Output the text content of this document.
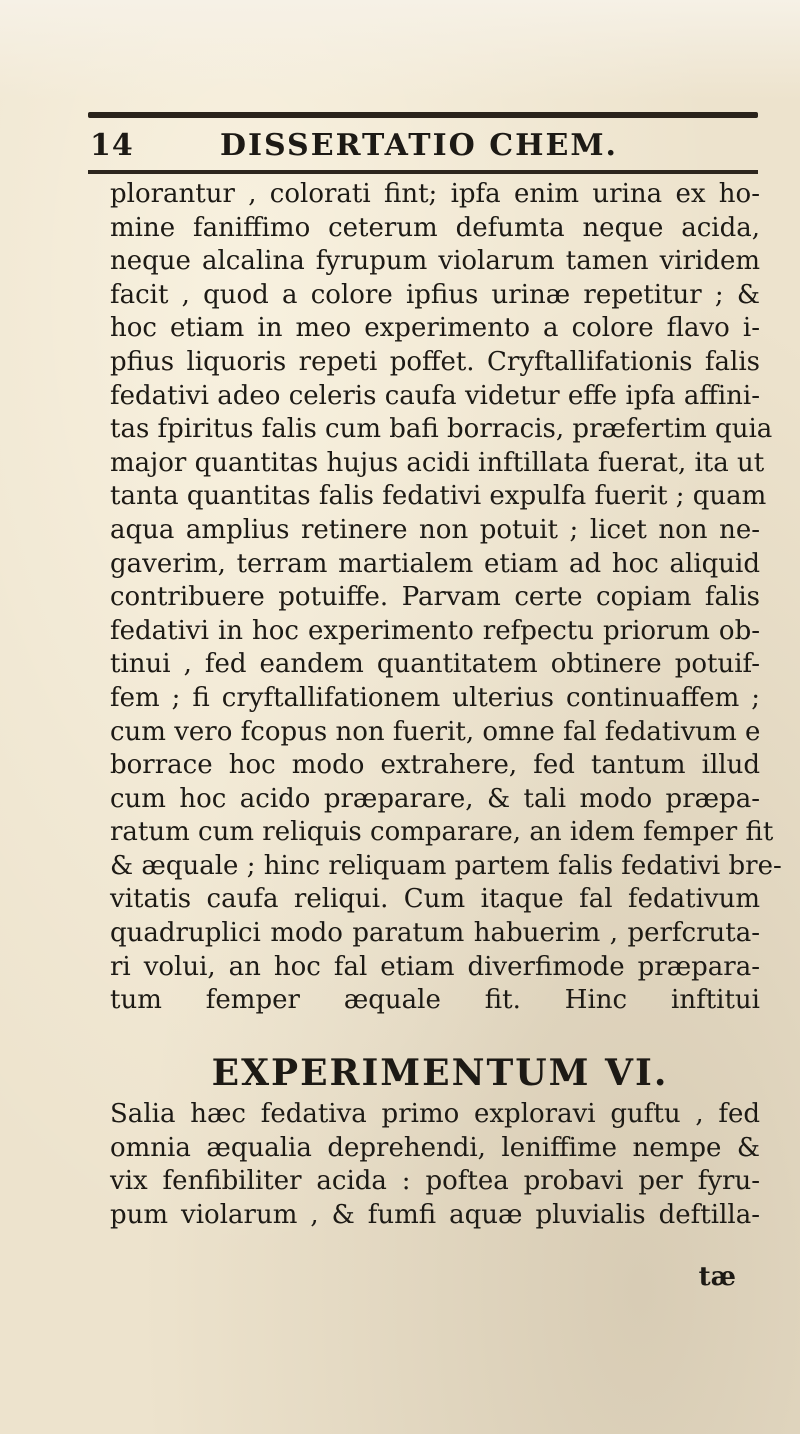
14	DISSERTATIO CHEM.
plorantur , colorati fint; ipfa enim urina ex ho-
mine faniffimo ceterum defumta neque acida,
neque alcalina fyrupum violarum tamen viridem
facit , quod a colore ipfius urinæ repetitur ; &
hoc etiam in meo experimento a colore flavo i-
pfius liquoris repeti poffet. Cryftallifationis falis
fedativi adeo celeris caufa videtur effe ipfa affini-
tas fpiritus falis cum bafi borracis, præfertim quia
major quantitas hujus acidi inftillata fuerat, ita ut
tanta quantitas falis fedativi expulfa fuerit ; quam
aqua amplius retinere non potuit ; licet non ne-
gaverim, terram martialem etiam ad hoc aliquid
contribuere potuiffe. Parvam certe copiam falis
fedativi in hoc experimento refpectu priorum ob-
tinui , fed eandem quantitatem obtinere potuif-
fem ; fi cryftallifationem ulterius continuaffem ;
cum vero fcopus non fuerit, omne fal fedativum e
borrace hoc modo extrahere, fed tantum illud
cum hoc acido præparare, & tali modo præpa-
ratum cum reliquis comparare, an idem femper fit
& æquale ; hinc reliquam partem falis fedativi bre-
vitatis caufa reliqui. Cum itaque fal fedativum
quadruplici modo paratum habuerim , perfcruta-
ri volui, an hoc fal etiam diverfimode præpara-
tum femper æquale fit. Hinc inftitui
EXPERIMENTUM VI.
Salia hæc fedativa primo exploravi guftu , fed
omnia æqualia deprehendi, leniffime nempe &
vix fenfibiliter acida : poftea probavi per fyru-
pum violarum , & fumfi aquæ pluvialis deftilla-
tæ
